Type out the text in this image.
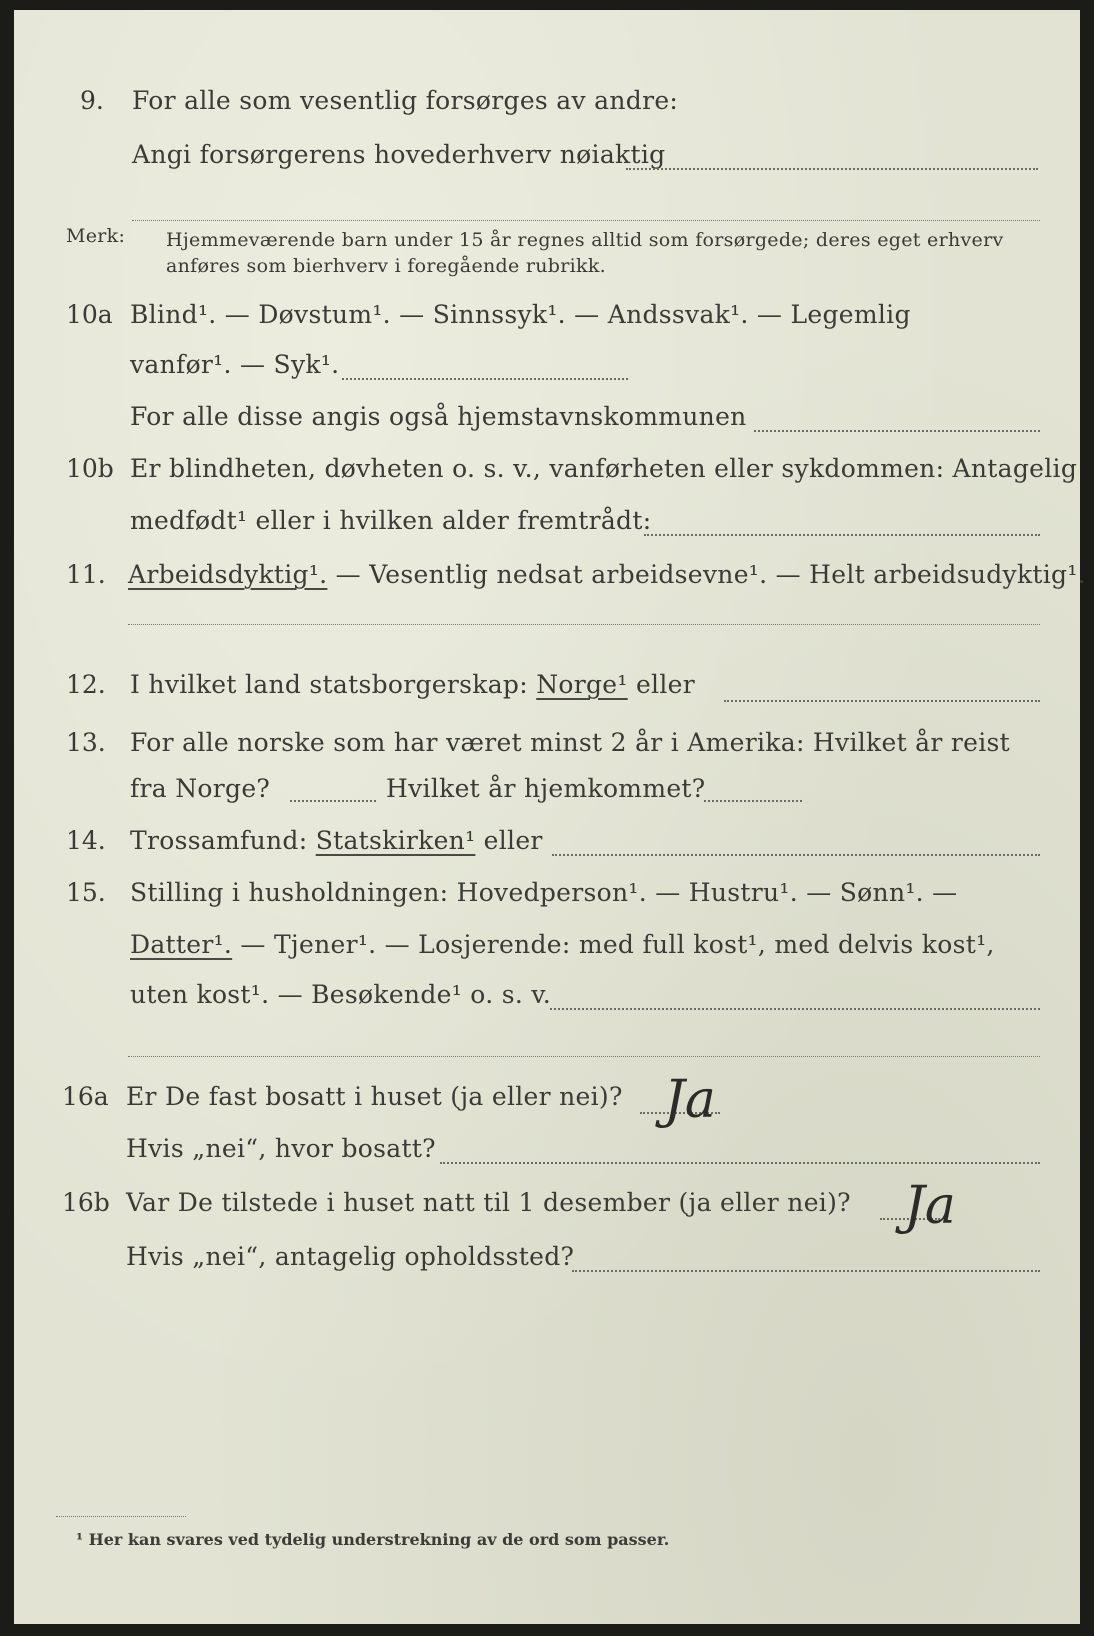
9. For alle som vesentlig forsørges av andre:
Angi forsørgerens hovederhverv nøiaktig
Merk: Hjemmeværende barn under 15 år regnes alltid som forsørgede; deres eget erhverv
anføres som bierhverv i foregående rubrikk.
10a Blind¹. — Døvstum¹. — Sinnssyk¹. — Andssvak¹. — Legemlig
vanfør¹. — Syk¹.
For alle disse angis også hjemstavnskommunen
10b Er blindheten, døvheten o. s. v., vanførheten eller sykdommen: Antagelig
medfødt¹ eller i hvilken alder fremtrådt:
11. Arbeidsdyktig¹. — Vesentlig nedsat arbeidsevne¹. — Helt arbeidsudyktig¹.
12. I hvilket land statsborgerskap: Norge¹ eller
13. For alle norske som har været minst 2 år i Amerika: Hvilket år reist
fra Norge?	Hvilket år hjemkommet?
14. Trossamfund: Statskirken¹ eller
15. Stilling i husholdningen: Hovedperson¹. — Hustru¹. — Sønn¹. —
Datter¹. — Tjener¹. — Losjerende: med full kost¹, med delvis kost¹,
uten kost¹. — Besøkende¹ o. s. v.
16a Er De fast bosatt i huset (ja eller nei)? Ja
Hvis „nei“, hvor bosatt?
16b Var De tilstede i huset natt til 1 desember (ja eller nei)? Ja
Hvis „nei“, antagelig opholdssted?
¹ Her kan svares ved tydelig understrekning av de ord som passer.
